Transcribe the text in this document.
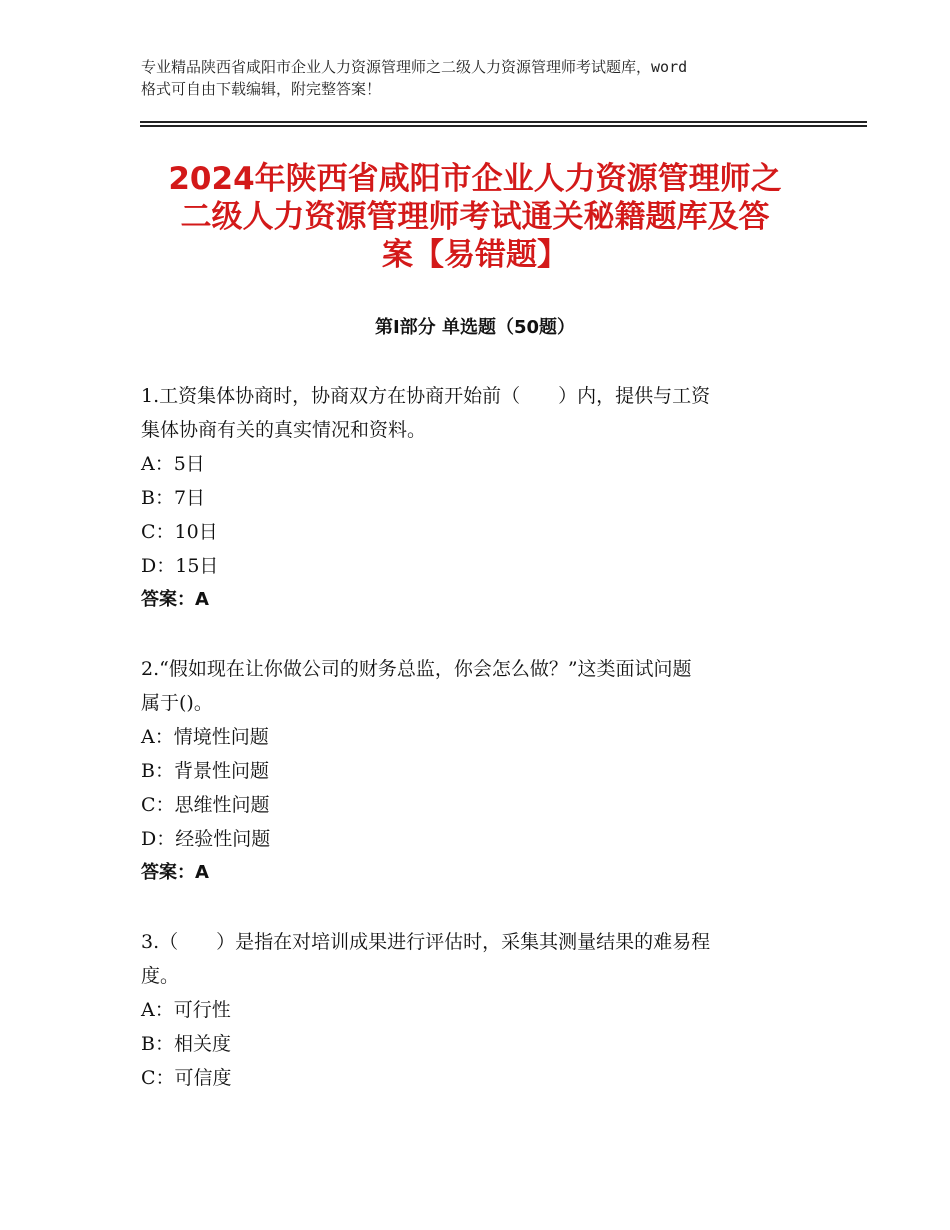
专业精品陕西省咸阳市企业人力资源管理师之二级人力资源管理师考试题库，word
格式可自由下载编辑，附完整答案！
2024年陕西省咸阳市企业人力资源管理师之
二级人力资源管理师考试通关秘籍题库及答
案【易错题】
第Ⅰ部分 单选题（50题）
1.工资集体协商时，协商双方在协商开始前（　　）内，提供与工资
集体协商有关的真实情况和资料。
A：5日
B：7日
C：10日
D：15日
答案：A
2.“假如现在让你做公司的财务总监，你会怎么做？”这类面试问题
属于()。
A：情境性问题
B：背景性问题
C：思维性问题
D：经验性问题
答案：A
3.（　　）是指在对培训成果进行评估时，采集其测量结果的难易程
度。
A：可行性
B：相关度
C：可信度
